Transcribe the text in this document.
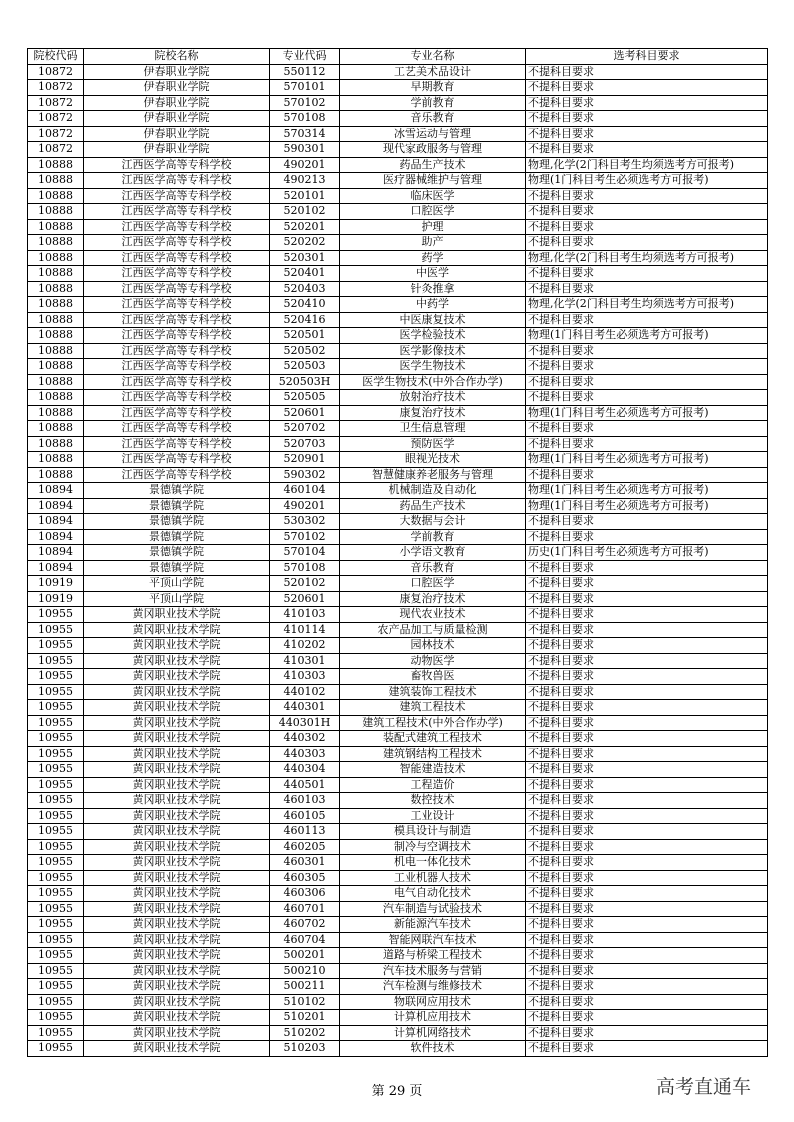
院校代码	院校名称	专业代码	专业名称	选考科目要求
10872	伊春职业学院	550112	工艺美术品设计	不提科目要求
10872	伊春职业学院	570101	早期教育	不提科目要求
10872	伊春职业学院	570102	学前教育	不提科目要求
10872	伊春职业学院	570108	音乐教育	不提科目要求
10872	伊春职业学院	570314	冰雪运动与管理	不提科目要求
10872	伊春职业学院	590301	现代家政服务与管理	不提科目要求
10888	江西医学高等专科学校	490201	药品生产技术	物理,化学(2门科目考生均须选考方可报考)
10888	江西医学高等专科学校	490213	医疗器械维护与管理	物理(1门科目考生必须选考方可报考)
10888	江西医学高等专科学校	520101	临床医学	不提科目要求
10888	江西医学高等专科学校	520102	口腔医学	不提科目要求
10888	江西医学高等专科学校	520201	护理	不提科目要求
10888	江西医学高等专科学校	520202	助产	不提科目要求
10888	江西医学高等专科学校	520301	药学	物理,化学(2门科目考生均须选考方可报考)
10888	江西医学高等专科学校	520401	中医学	不提科目要求
10888	江西医学高等专科学校	520403	针灸推拿	不提科目要求
10888	江西医学高等专科学校	520410	中药学	物理,化学(2门科目考生均须选考方可报考)
10888	江西医学高等专科学校	520416	中医康复技术	不提科目要求
10888	江西医学高等专科学校	520501	医学检验技术	物理(1门科目考生必须选考方可报考)
10888	江西医学高等专科学校	520502	医学影像技术	不提科目要求
10888	江西医学高等专科学校	520503	医学生物技术	不提科目要求
10888	江西医学高等专科学校	520503H	医学生物技术(中外合作办学)	不提科目要求
10888	江西医学高等专科学校	520505	放射治疗技术	不提科目要求
10888	江西医学高等专科学校	520601	康复治疗技术	物理(1门科目考生必须选考方可报考)
10888	江西医学高等专科学校	520702	卫生信息管理	不提科目要求
10888	江西医学高等专科学校	520703	预防医学	不提科目要求
10888	江西医学高等专科学校	520901	眼视光技术	物理(1门科目考生必须选考方可报考)
10888	江西医学高等专科学校	590302	智慧健康养老服务与管理	不提科目要求
10894	景德镇学院	460104	机械制造及自动化	物理(1门科目考生必须选考方可报考)
10894	景德镇学院	490201	药品生产技术	物理(1门科目考生必须选考方可报考)
10894	景德镇学院	530302	大数据与会计	不提科目要求
10894	景德镇学院	570102	学前教育	不提科目要求
10894	景德镇学院	570104	小学语文教育	历史(1门科目考生必须选考方可报考)
10894	景德镇学院	570108	音乐教育	不提科目要求
10919	平顶山学院	520102	口腔医学	不提科目要求
10919	平顶山学院	520601	康复治疗技术	不提科目要求
10955	黄冈职业技术学院	410103	现代农业技术	不提科目要求
10955	黄冈职业技术学院	410114	农产品加工与质量检测	不提科目要求
10955	黄冈职业技术学院	410202	园林技术	不提科目要求
10955	黄冈职业技术学院	410301	动物医学	不提科目要求
10955	黄冈职业技术学院	410303	畜牧兽医	不提科目要求
10955	黄冈职业技术学院	440102	建筑装饰工程技术	不提科目要求
10955	黄冈职业技术学院	440301	建筑工程技术	不提科目要求
10955	黄冈职业技术学院	440301H	建筑工程技术(中外合作办学)	不提科目要求
10955	黄冈职业技术学院	440302	装配式建筑工程技术	不提科目要求
10955	黄冈职业技术学院	440303	建筑钢结构工程技术	不提科目要求
10955	黄冈职业技术学院	440304	智能建造技术	不提科目要求
10955	黄冈职业技术学院	440501	工程造价	不提科目要求
10955	黄冈职业技术学院	460103	数控技术	不提科目要求
10955	黄冈职业技术学院	460105	工业设计	不提科目要求
10955	黄冈职业技术学院	460113	模具设计与制造	不提科目要求
10955	黄冈职业技术学院	460205	制冷与空调技术	不提科目要求
10955	黄冈职业技术学院	460301	机电一体化技术	不提科目要求
10955	黄冈职业技术学院	460305	工业机器人技术	不提科目要求
10955	黄冈职业技术学院	460306	电气自动化技术	不提科目要求
10955	黄冈职业技术学院	460701	汽车制造与试验技术	不提科目要求
10955	黄冈职业技术学院	460702	新能源汽车技术	不提科目要求
10955	黄冈职业技术学院	460704	智能网联汽车技术	不提科目要求
10955	黄冈职业技术学院	500201	道路与桥梁工程技术	不提科目要求
10955	黄冈职业技术学院	500210	汽车技术服务与营销	不提科目要求
10955	黄冈职业技术学院	500211	汽车检测与维修技术	不提科目要求
10955	黄冈职业技术学院	510102	物联网应用技术	不提科目要求
10955	黄冈职业技术学院	510201	计算机应用技术	不提科目要求
10955	黄冈职业技术学院	510202	计算机网络技术	不提科目要求
10955	黄冈职业技术学院	510203	软件技术	不提科目要求
第 29 页	高考直通车
